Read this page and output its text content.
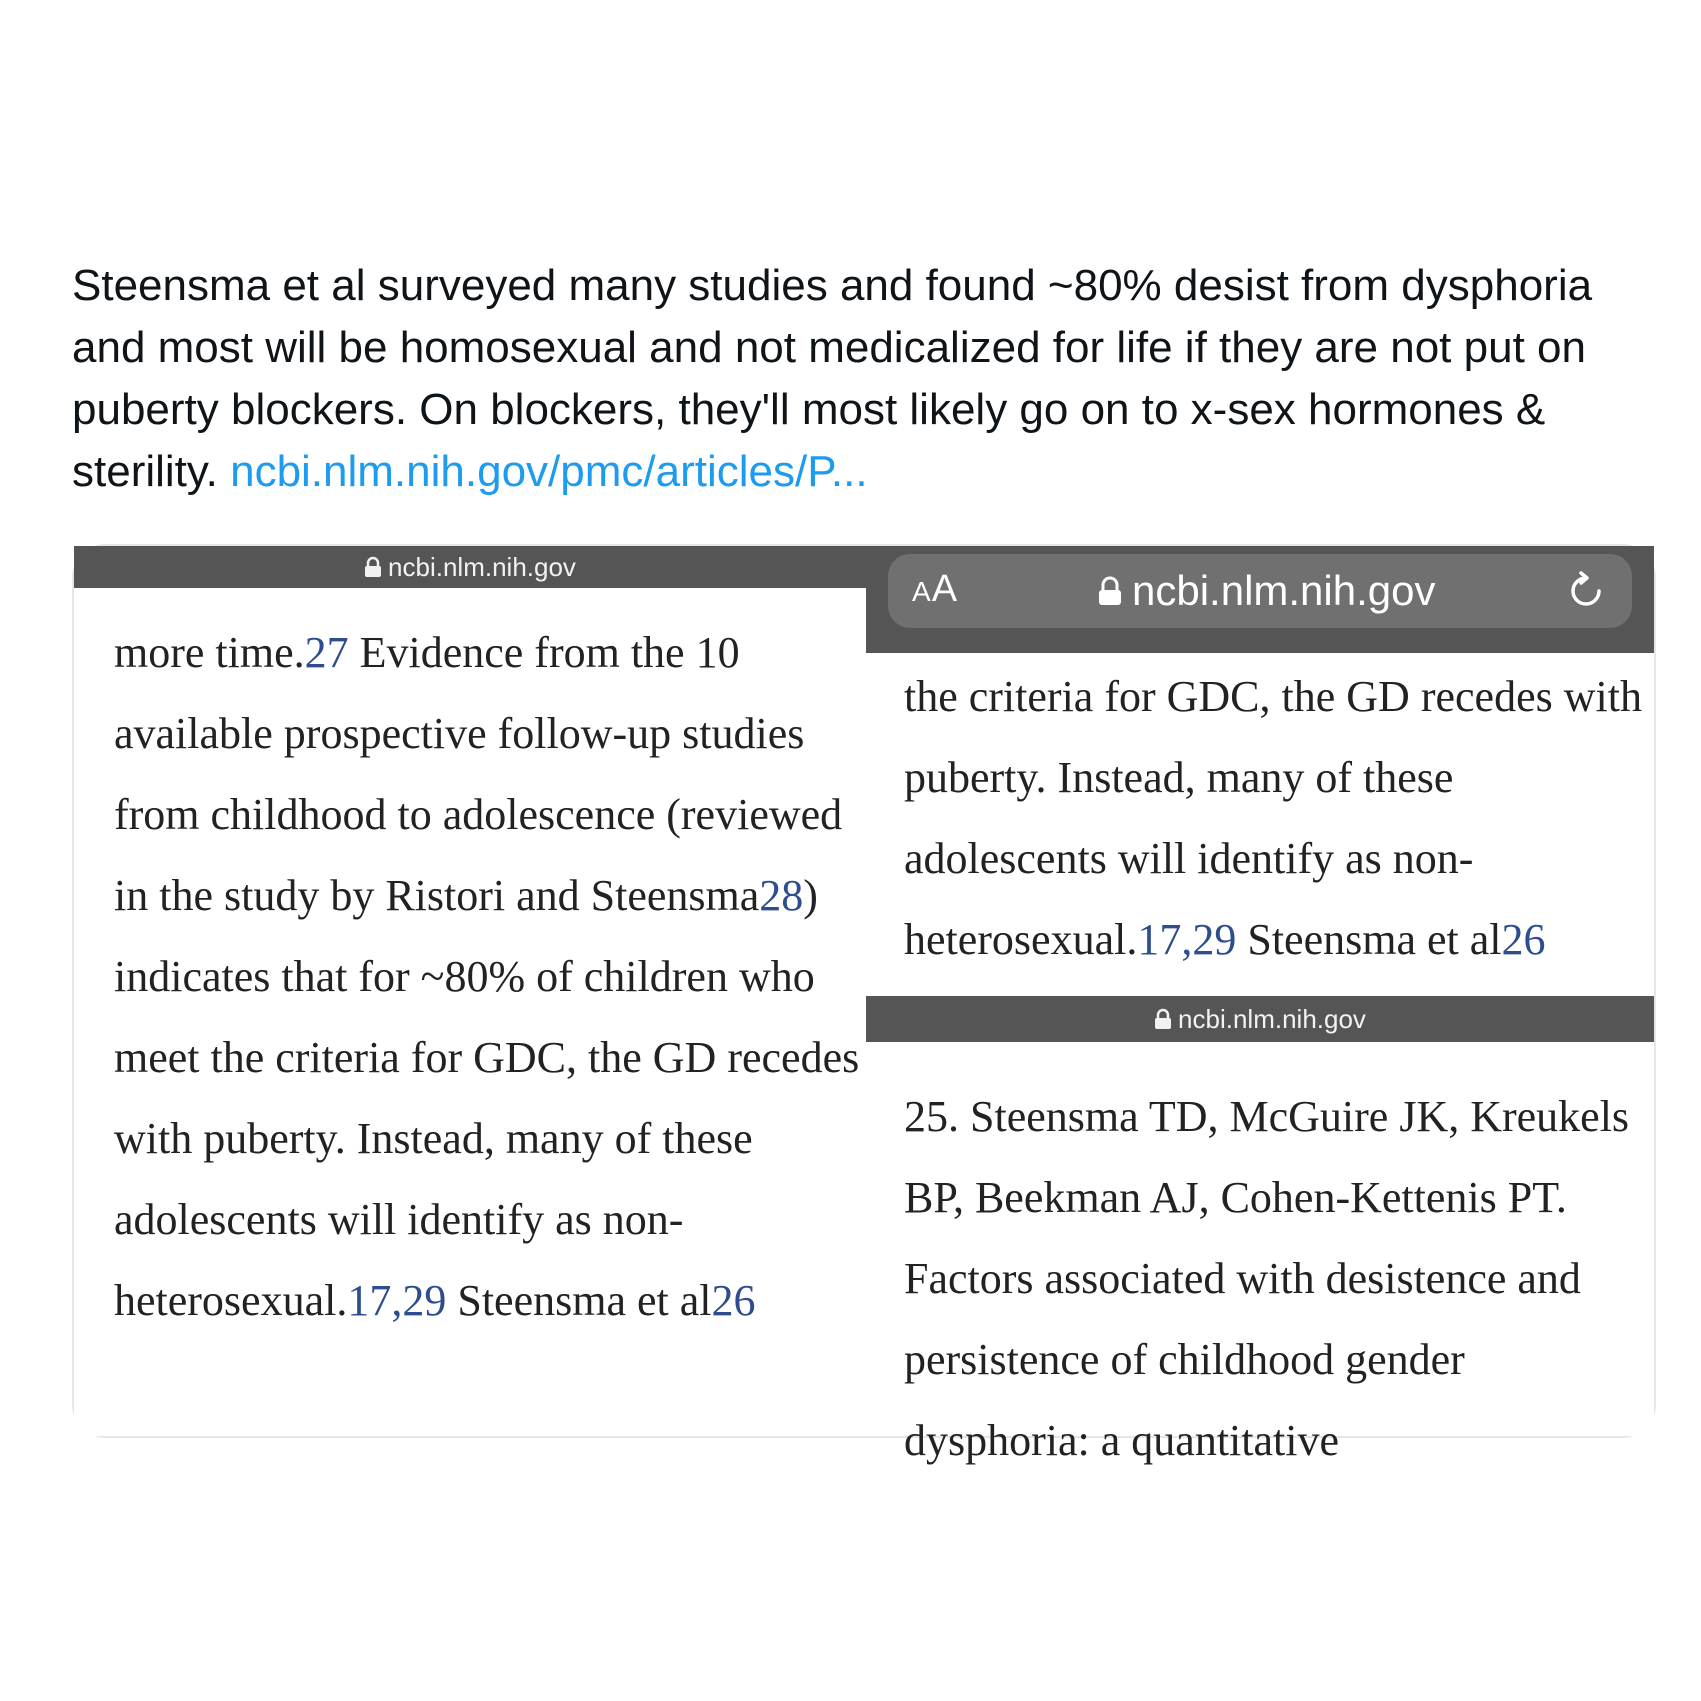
Steensma et al surveyed many studies and found ~80% desist from dysphoria and most will be homosexual and not medicalized for life if they are not put on puberty blockers. On blockers, they'll most likely go on to x-sex hormones & sterility. ncbi.nlm.nih.gov/pmc/articles/P...

ncbi.nlm.nih.gov

more time.27 Evidence from the 10 available prospective follow-up studies from childhood to adolescence (reviewed in the study by Ristori and Steensma28) indicates that for ~80% of children who meet the criteria for GDC, the GD recedes with puberty. Instead, many of these adolescents will identify as non-heterosexual.17,29 Steensma et al26

AA	ncbi.nlm.nih.gov

the criteria for GDC, the GD recedes with puberty. Instead, many of these adolescents will identify as non-heterosexual.17,29 Steensma et al26

ncbi.nlm.nih.gov

25. Steensma TD, McGuire JK, Kreukels BP, Beekman AJ, Cohen-Kettenis PT. Factors associated with desistence and persistence of childhood gender dysphoria: a quantitative
